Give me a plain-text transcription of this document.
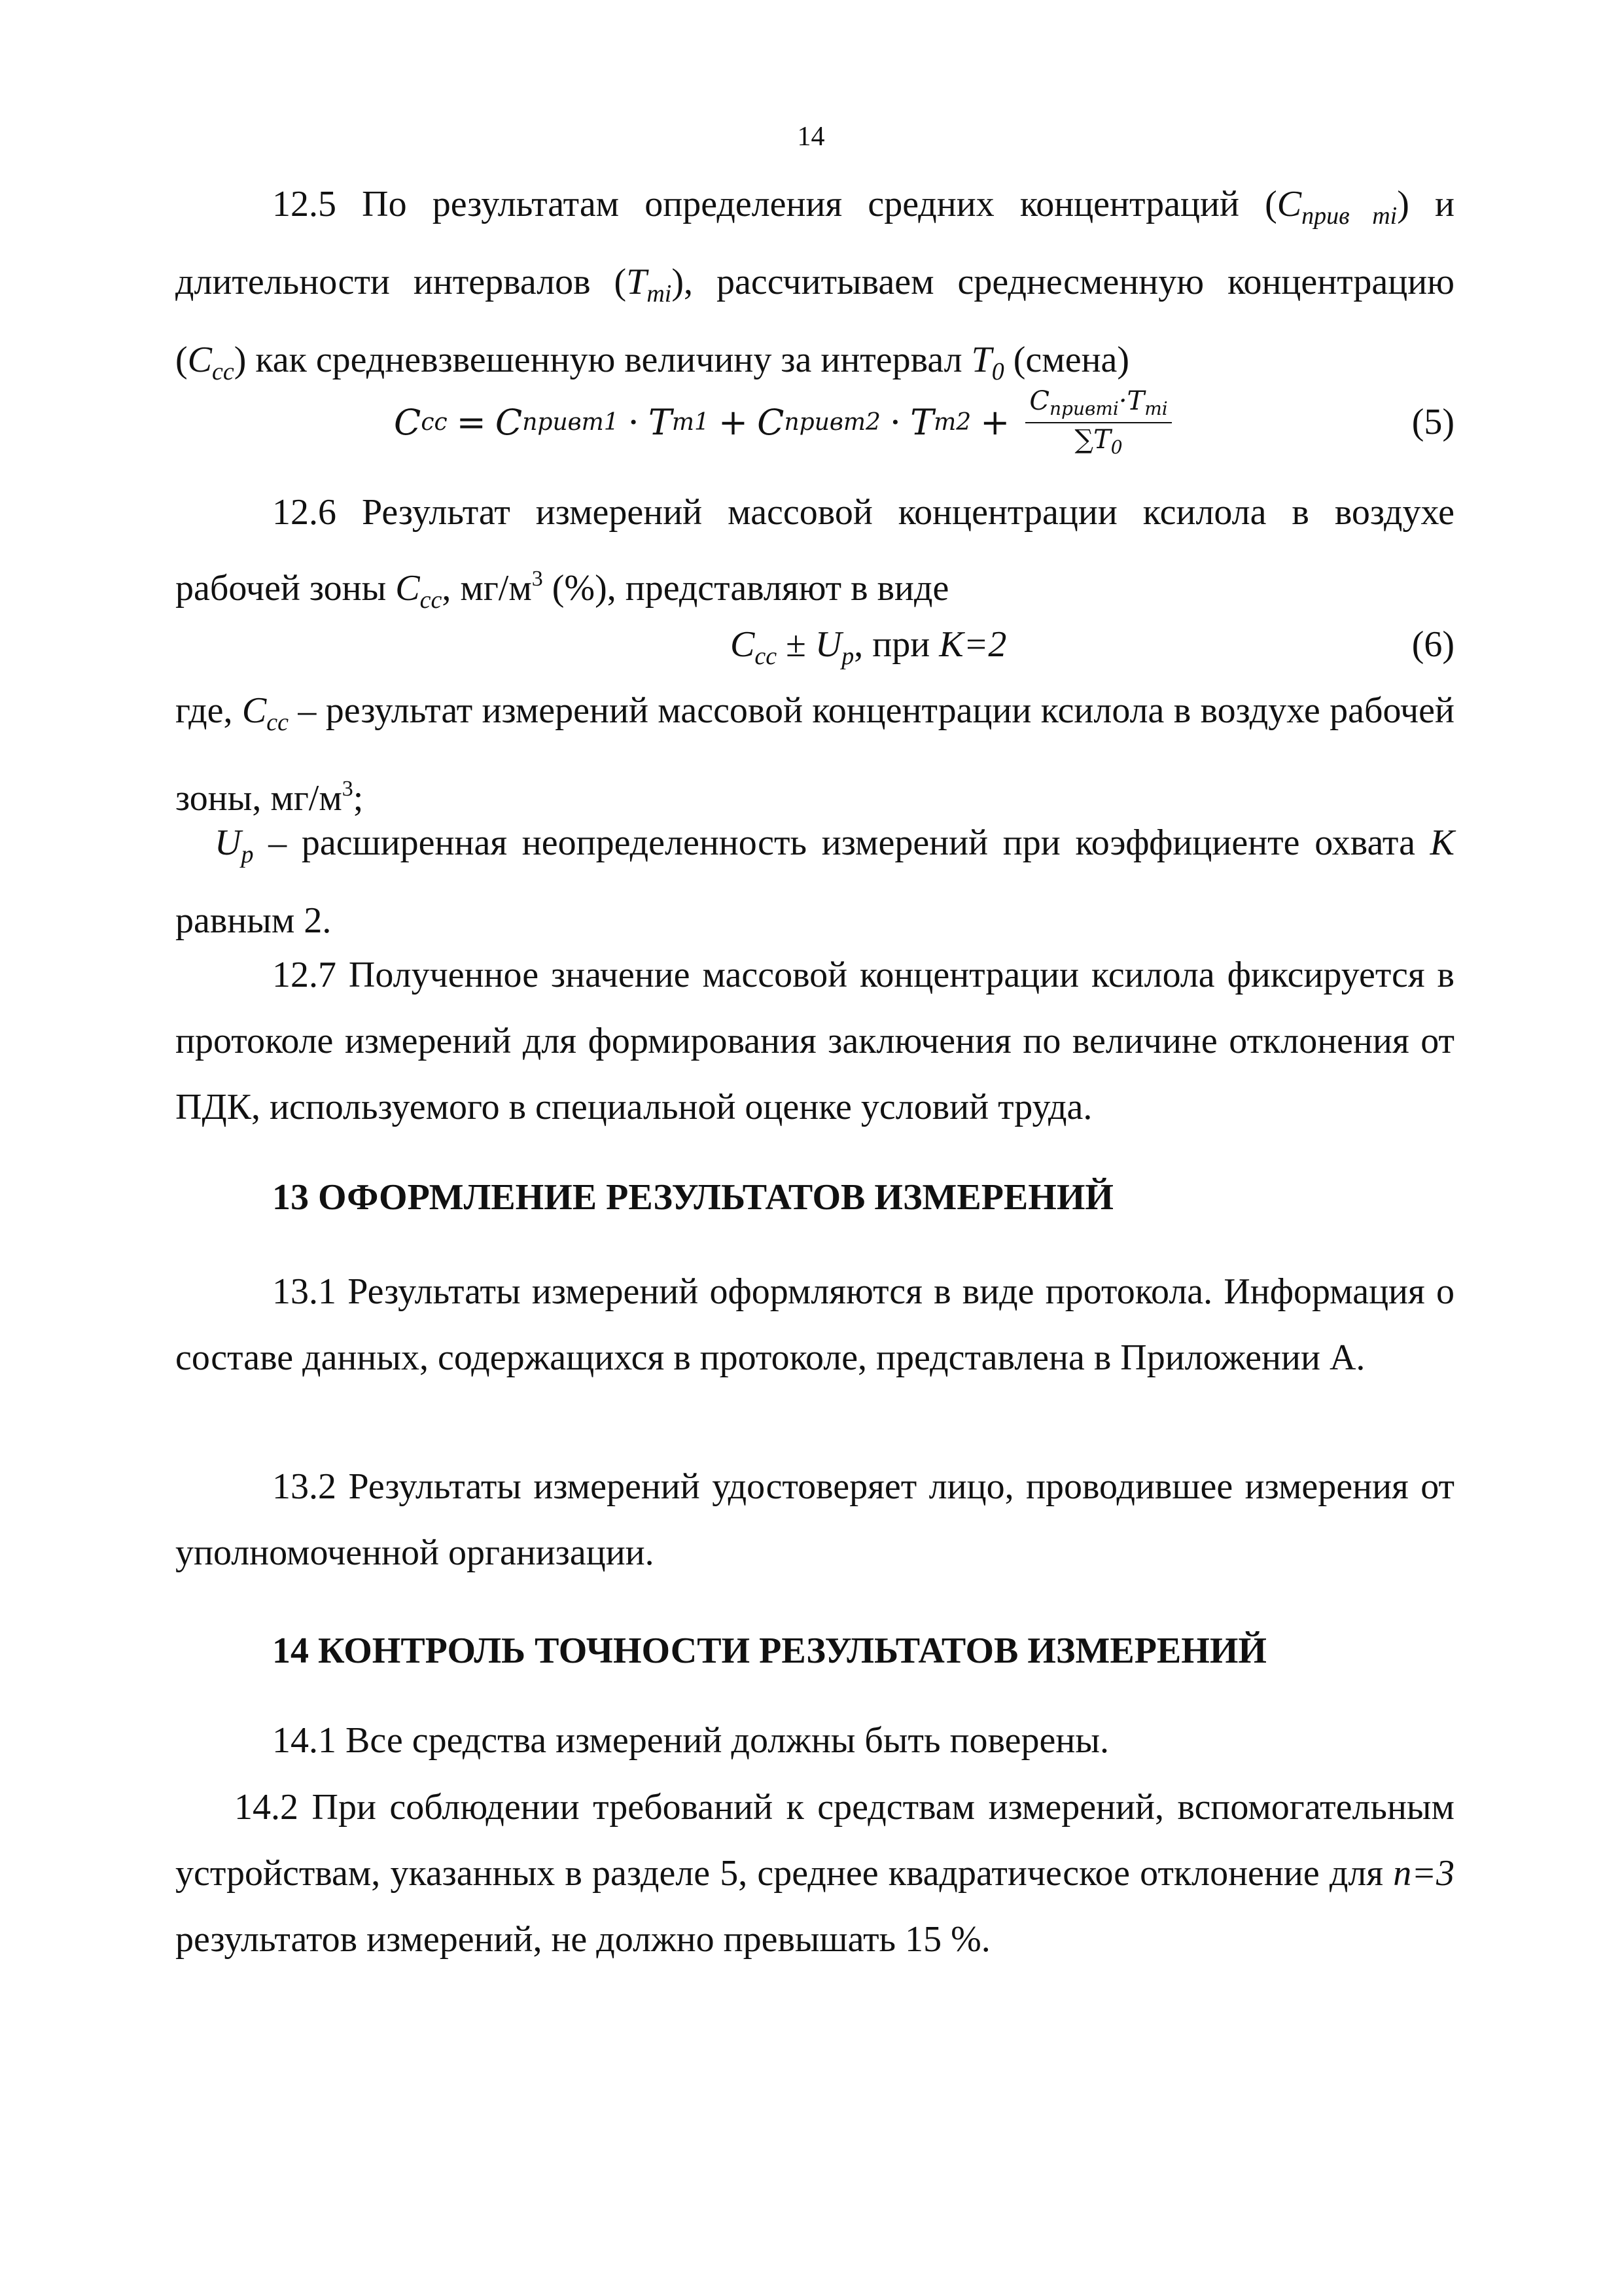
14

12.5 По результатам определения средних концентраций $(C_{прив mi})$ и длительности интервалов $(T_{mi})$, рассчитываем среднесменную концентрацию $(C_{cc})$ как средневзвешенную величину за интервал $T_0$ (смена)

C cc = C привm1 · T m1 + C привm2 · T $m2 + \frac{C_{привmi}\cdot T_{mi}}{\sum T_0}$	(5)

12.6 Результат измерений массовой концентрации ксилола в воздухе рабочей зоны $C_{cc}$, $мг/м^3$ (%), представляют в виде

$C_{cc} \pm U_p$, при K=2	(6)

где, $C_{cc}$ – результат измерений массовой концентрации ксилола в воздухе рабочей зоны, $мг/м^3$;

$U_p$ – расширенная неопределенность измерений при коэффициенте охвата K равным 2.

12.7 Полученное значение массовой концентрации ксилола фиксируется в протоколе измерений для формирования заключения по величине отклонения от ПДК, используемого в специальной оценке условий труда.

13 ОФОРМЛЕНИЕ РЕЗУЛЬТАТОВ ИЗМЕРЕНИЙ

13.1 Результаты измерений оформляются в виде протокола. Информация о составе данных, содержащихся в протоколе, представлена в Приложении А.

13.2 Результаты измерений удостоверяет лицо, проводившее измерения от уполномоченной организации.

14 КОНТРОЛЬ ТОЧНОСТИ РЕЗУЛЬТАТОВ ИЗМЕРЕНИЙ

14.1 Все средства измерений должны быть поверены.

14.2 При соблюдении требований к средствам измерений, вспомогательным устройствам, указанных в разделе 5, среднее квадратическое отклонение для n=3 результатов измерений, не должно превышать 15 %.
